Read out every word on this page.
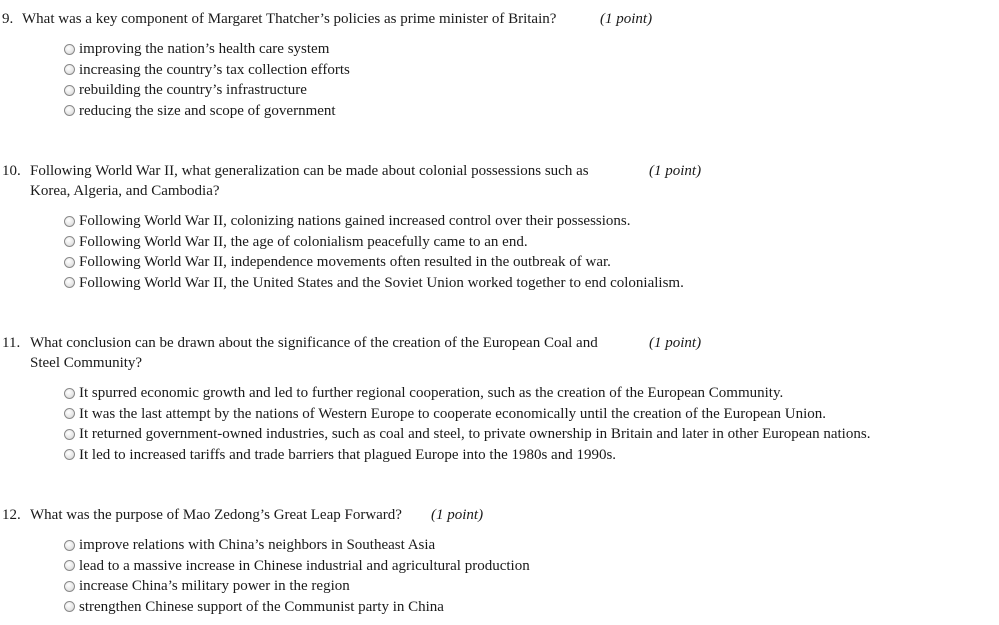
9. What was a key component of Margaret Thatcher’s policies as prime minister of Britain?	(1 point)
improving the nation’s health care system
increasing the country’s tax collection efforts
rebuilding the country’s infrastructure
reducing the size and scope of government
10. Following World War II, what generalization can be made about colonial possessions such as	(1 point)
Korea, Algeria, and Cambodia?
Following World War II, colonizing nations gained increased control over their possessions.
Following World War II, the age of colonialism peacefully came to an end.
Following World War II, independence movements often resulted in the outbreak of war.
Following World War II, the United States and the Soviet Union worked together to end colonialism.
11. What conclusion can be drawn about the significance of the creation of the European Coal and	(1 point)
Steel Community?
It spurred economic growth and led to further regional cooperation, such as the creation of the European Community.
It was the last attempt by the nations of Western Europe to cooperate economically until the creation of the European Union.
It returned government-owned industries, such as coal and steel, to private ownership in Britain and later in other European nations.
It led to increased tariffs and trade barriers that plagued Europe into the 1980s and 1990s.
12. What was the purpose of Mao Zedong’s Great Leap Forward? (1 point)
improve relations with China’s neighbors in Southeast Asia
lead to a massive increase in Chinese industrial and agricultural production
increase China’s military power in the region
strengthen Chinese support of the Communist party in China
